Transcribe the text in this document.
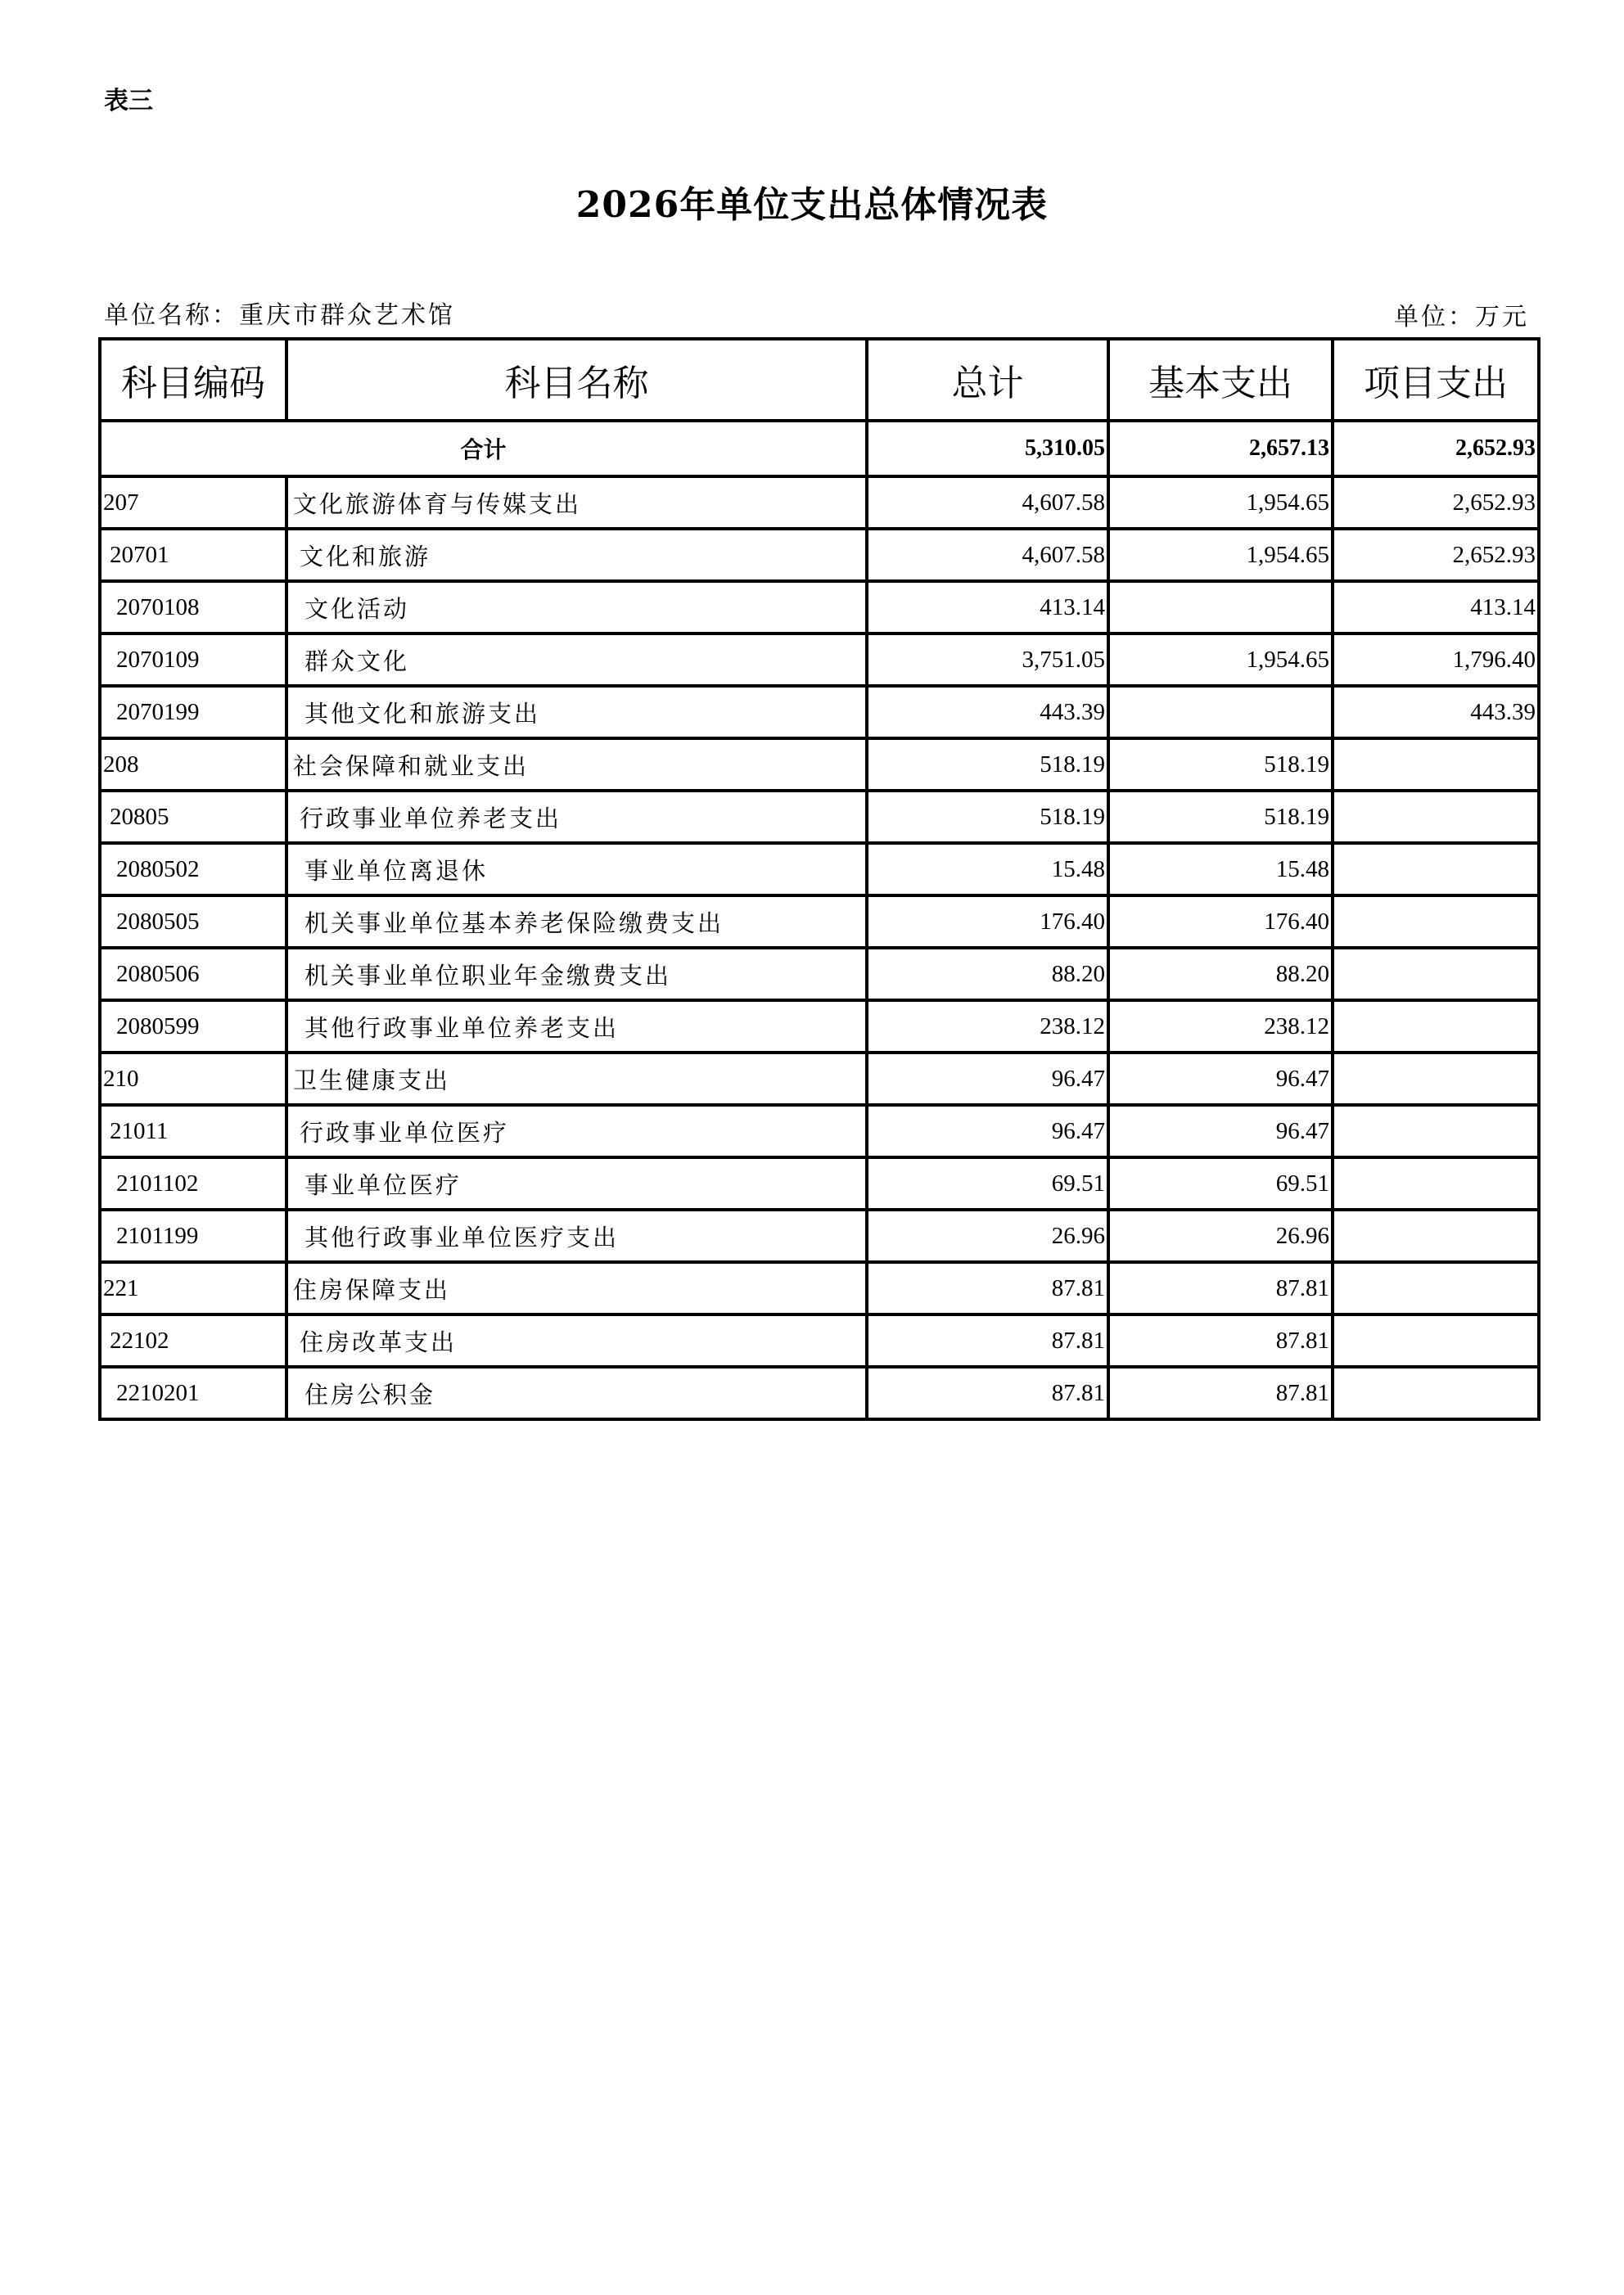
表三
2026年单位支出总体情况表
单位名称：重庆市群众艺术馆	单位：万元
科目编码	科目名称	总计	基本支出	项目支出
合计		5,310.05	2,657.13	2,652.93
207	文化旅游体育与传媒支出	4,607.58	1,954.65	2,652.93
20701	文化和旅游	4,607.58	1,954.65	2,652.93
2070108	文化活动	413.14		413.14
2070109	群众文化	3,751.05	1,954.65	1,796.40
2070199	其他文化和旅游支出	443.39		443.39
208	社会保障和就业支出	518.19	518.19	
20805	行政事业单位养老支出	518.19	518.19	
2080502	事业单位离退休	15.48	15.48	
2080505	机关事业单位基本养老保险缴费支出	176.40	176.40	
2080506	机关事业单位职业年金缴费支出	88.20	88.20	
2080599	其他行政事业单位养老支出	238.12	238.12	
210	卫生健康支出	96.47	96.47	
21011	行政事业单位医疗	96.47	96.47	
2101102	事业单位医疗	69.51	69.51	
2101199	其他行政事业单位医疗支出	26.96	26.96	
221	住房保障支出	87.81	87.81	
22102	住房改革支出	87.81	87.81	
2210201	住房公积金	87.81	87.81	
